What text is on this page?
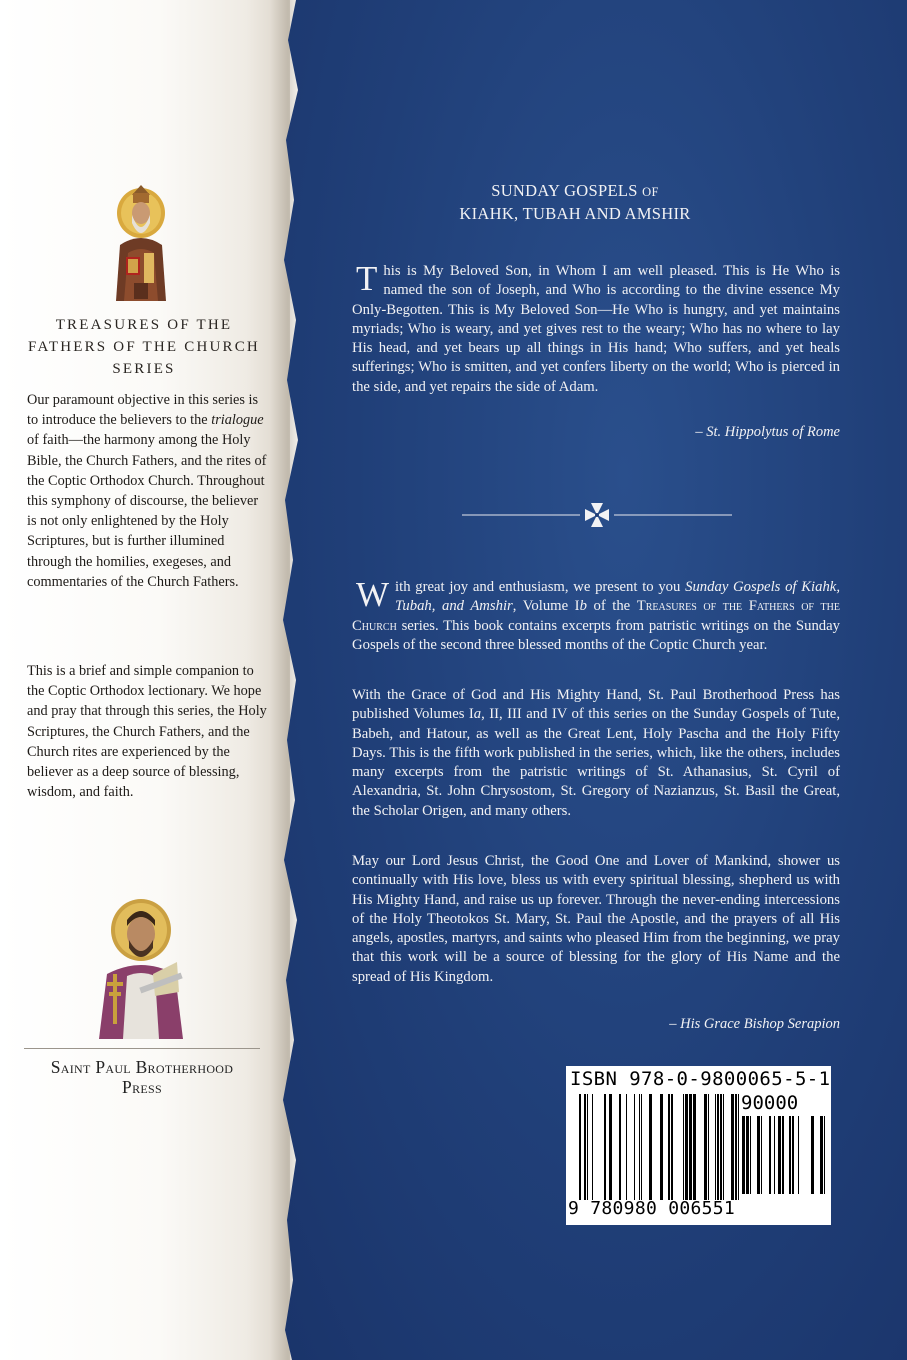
TREASURES OF THE
FATHERS OF THE CHURCH
SERIES

Our paramount objective in this series is to introduce the believers to the trialogue of faith—the harmony among the Holy Bible, the Church Fathers, and the rites of the Coptic Orthodox Church. Throughout this symphony of discourse, the believer is not only enlightened by the Holy Scriptures, but is further illumined through the homilies, exegeses, and commentaries of the Church Fathers.

This is a brief and simple companion to the Coptic Orthodox lectionary. We hope and pray that through this series, the Holy Scriptures, the Church Fathers, and the Church rites are experienced by the believer as a deep source of blessing, wisdom, and faith.

Saint Paul Brotherhood
Press
SUNDAY GOSPELS OF
KIAHK, TUBAH AND AMSHIR

This is My Beloved Son, in Whom I am well pleased. This is He Who is named the son of Joseph, and Who is according to the divine essence My Only-Begotten. This is My Beloved Son—He Who is hungry, and yet maintains myriads; Who is weary, and yet gives rest to the weary; Who has no where to lay His head, and yet bears up all things in His hand; Who suffers, and yet heals sufferings; Who is smitten, and yet confers liberty on the world; Who is pierced in the side, and yet repairs the side of Adam.

– St. Hippolytus of Rome

With great joy and enthusiasm, we present to you Sunday Gospels of Kiahk, Tubah, and Amshir, Volume Ib of the Treasures of the Fathers of the Church series. This book contains excerpts from patristic writings on the Sunday Gospels of the second three blessed months of the Coptic Church year.

With the Grace of God and His Mighty Hand, St. Paul Brotherhood Press has published Volumes Ia, II, III and IV of this series on the Sunday Gospels of Tute, Babeh, and Hatour, as well as the Great Lent, Holy Pascha and the Holy Fifty Days. This is the fifth work published in the series, which, like the others, includes many excerpts from the patristic writings of St. Athanasius, St. Cyril of Alexandria, St. John Chrysostom, St. Gregory of Nazianzus, St. Basil the Great, the Scholar Origen, and many others.

May our Lord Jesus Christ, the Good One and Lover of Mankind, shower us continually with His love, bless us with every spiritual blessing, shepherd us with His Mighty Hand, and raise us up forever. Through the never-ending intercessions of the Holy Theotokos St. Mary, St. Paul the Apostle, and the prayers of all His angels, apostles, martyrs, and saints who pleased Him from the beginning, we pray that this work will be a source of blessing for the glory of His Name and the spread of His Kingdom.

– His Grace Bishop Serapion
ISBN 978-0-9800065-5-1
90000
9 780980 006551
